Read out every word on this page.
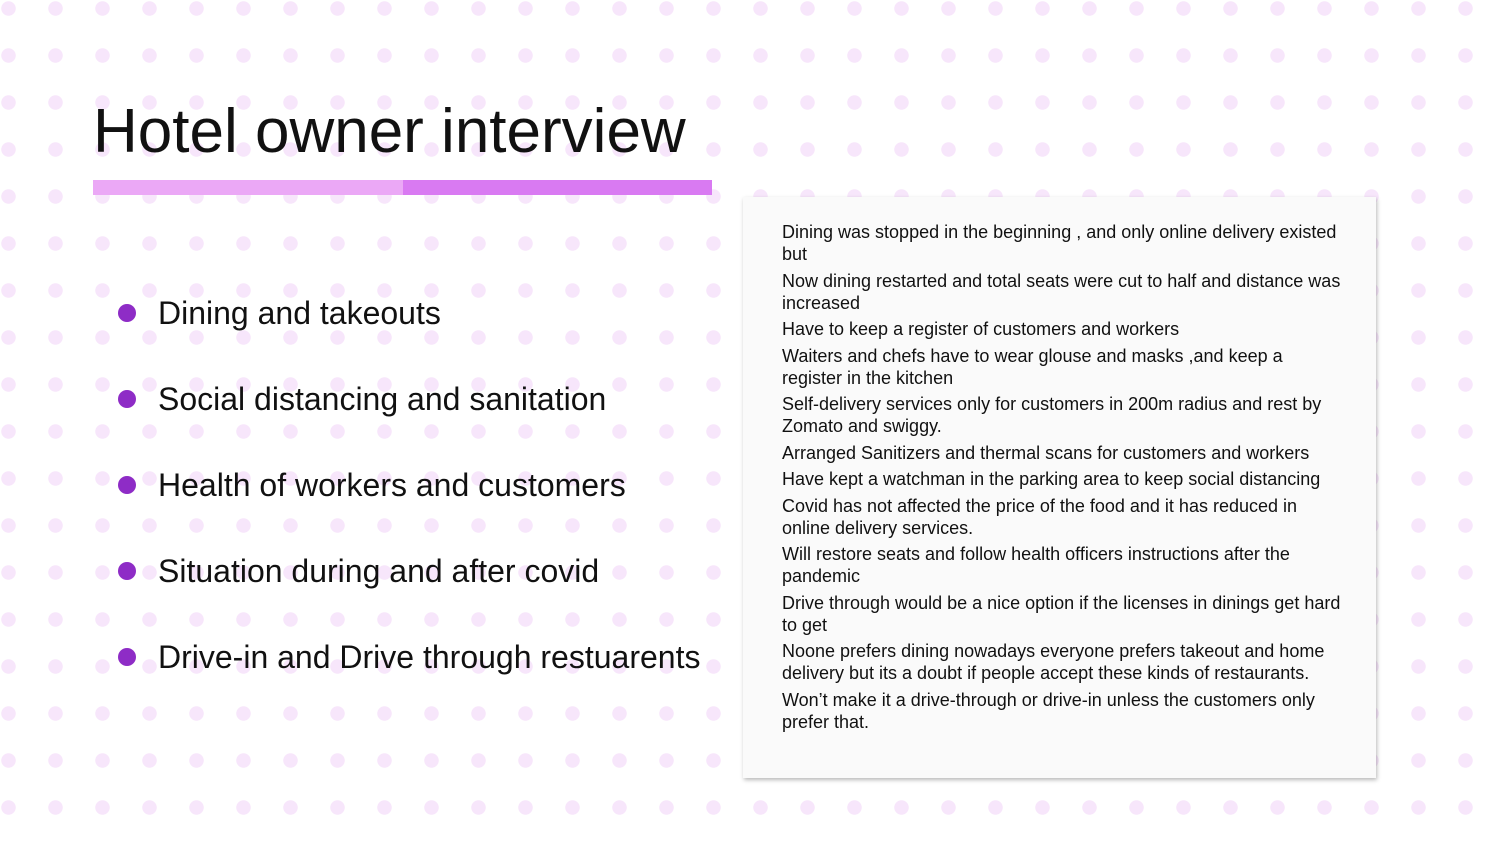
Hotel owner interview
Dining and takeouts
Social distancing and sanitation
Health of workers and customers
Situation during and after covid
Drive-in and Drive through restuarents
Dining was stopped in the beginning , and only online delivery existed but
Now dining restarted and total seats were cut to half and distance was increased
Have to keep a register of customers and workers
Waiters and chefs have to wear glouse and masks ,and keep a register in the kitchen
Self-delivery services only for customers in 200m radius and rest by Zomato and swiggy.
Arranged Sanitizers and thermal scans for customers and workers
Have kept a watchman in the parking area to keep social distancing
Covid has not affected the price of the food and it has reduced in online delivery services.
Will restore seats and follow health officers instructions after the pandemic
Drive through would be a nice option if the licenses in dinings get hard to get
Noone prefers dining nowadays everyone prefers takeout and home delivery but its a doubt if people accept these kinds of restaurants.
Won’t make it a drive-through or drive-in unless the customers only prefer that.
